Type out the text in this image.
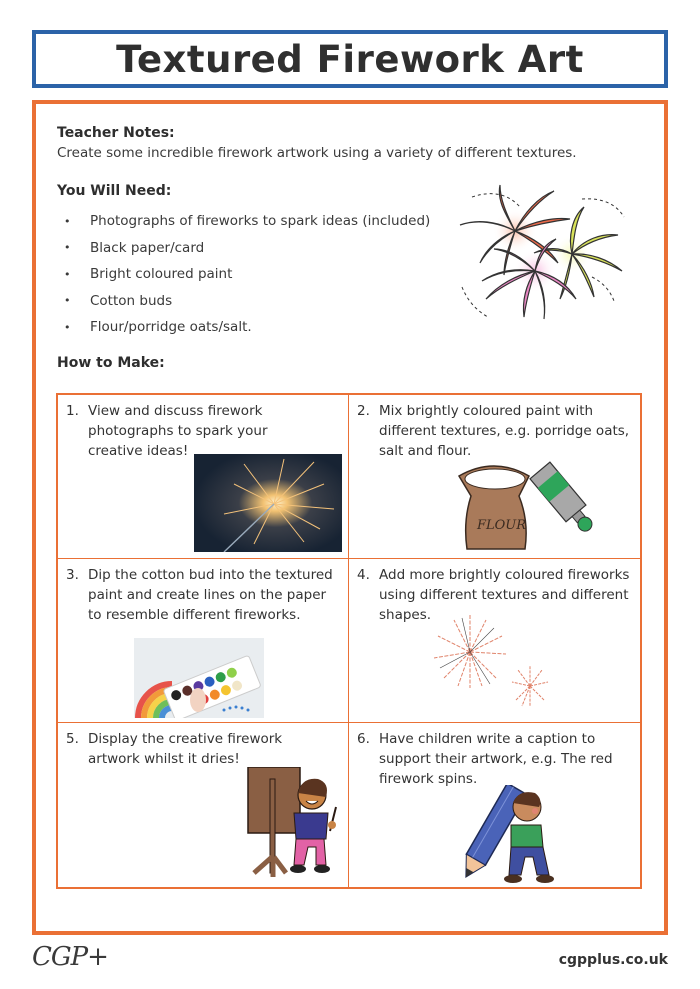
Textured Firework Art
Teacher Notes:
Create some incredible firework artwork using a variety of different textures.
You Will Need:
•	Photographs of fireworks to spark ideas (included)
•	Black paper/card
•	Bright coloured paint
•	Cotton buds
•	Flour/porridge oats/salt.
How to Make:
1. View and discuss firework photographs to spark your creative ideas!
2. Mix brightly coloured paint with different textures, e.g. porridge oats, salt and flour.
FLOUR
3. Dip the cotton bud into the textured paint and create lines on the paper to resemble different fireworks.
4. Add more brightly coloured fireworks using different textures and different shapes.
5. Display the creative firework artwork whilst it dries!
6. Have children write a caption to support their artwork, e.g. The red firework spins.
CGP+	cgpplus.co.uk
